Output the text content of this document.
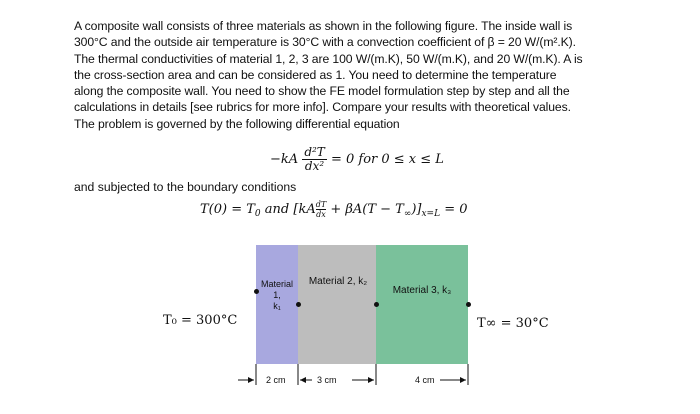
A composite wall consists of three materials as shown in the following figure. The inside wall is
300°C and the outside air temperature is 30°C with a convection coefficient of β = 20 W/(m².K).
The thermal conductivities of material 1, 2, 3 are 100 W/(m.K), 50 W/(m.K), and 20 W/(m.K). A is
the cross-section area and can be considered as 1. You need to determine the temperature
along the composite wall. You need to show the FE model formulation step by step and all the
calculations in details [see rubrics for more info]. Compare your results with theoretical values.
The problem is governed by the following differential equation
$-kA \frac{\text{d²T}}{\text{dx²}} = 0$ for 0 ≤ x ≤ L
and subjected to the boundary conditions
$T(0) = T_0$ and $[kA \frac{dT}{dx} + \beta A(T - T_\infty)]_{x=L} = 0$
Material 1,
k₁
Material 2, k₂
Material 3, k₃
T₀ = 300°C	T∞ = 30°C
2 cm	3 cm	4 cm
